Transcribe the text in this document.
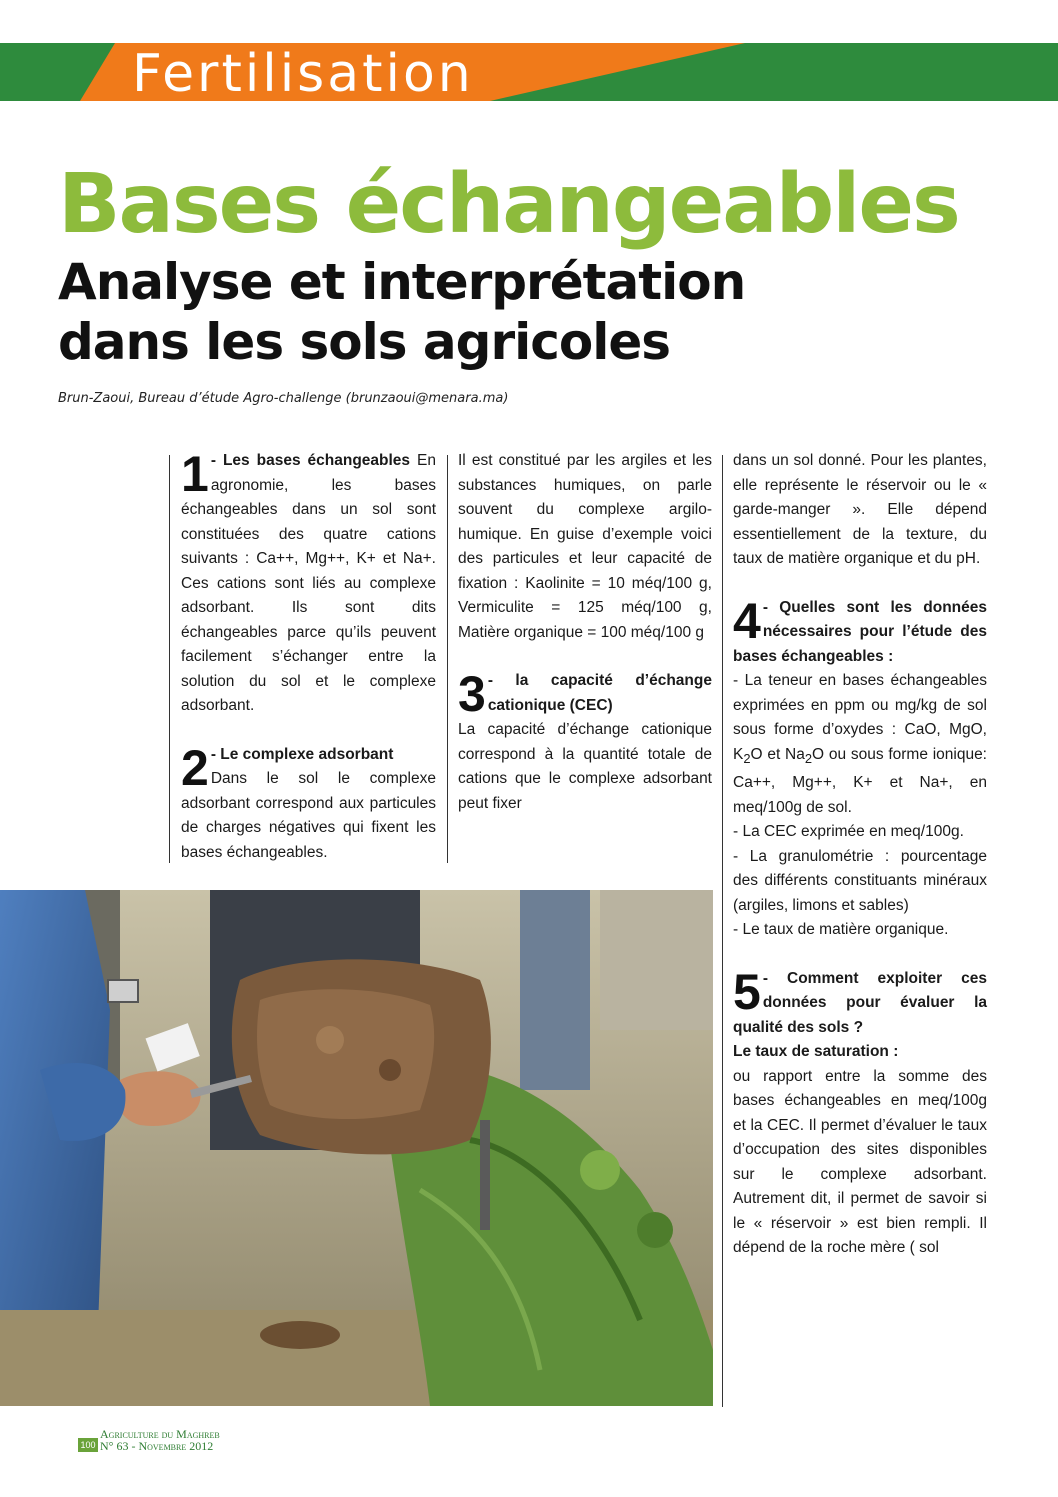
Fertilisation
Bases échangeables
Analyse et interprétation
dans les sols agricoles
Brun-Zaoui, Bureau d’étude Agro-challenge (brunzaoui@menara.ma)
1 - Les bases échangeables En agronomie, les bases échangeables dans un sol sont constituées des quatre cations suivants : Ca++, Mg++, K+ et Na+. Ces cations sont liés au complexe adsorbant. Ils sont dits échangeables parce qu’ils peuvent facilement s’échanger entre la solution du sol et le complexe adsorbant.
2 - Le complexe adsorbant
Dans le sol le complexe adsorbant correspond aux particules de charges négatives qui fixent les bases échangeables.

Il est constitué par les argiles et les substances humiques, on parle souvent du complexe argilo-humique. En guise d’exemple voici des particules et leur capacité de fixation : Kaolinite = 10 méq/100 g, Vermiculite = 125 méq/100 g, Matière organique = 100 méq/100 g

3 - la capacité d’échange cationique (CEC)
La capacité d’échange cationique correspond à la quantité totale de cations que le complexe adsorbant peut fixer

dans un sol donné. Pour les plantes, elle représente le réservoir ou le « garde-manger ». Elle dépend essentiellement de la texture, du taux de matière organique et du pH.

4 - Quelles sont les données nécessaires pour l’étude des bases échangeables :
- La teneur en bases échangeables exprimées en ppm ou mg/kg de sol sous forme d’oxydes : CaO, MgO, $K_2O$ et $Na_2O$ ou sous forme ionique: Ca++, Mg++, K+ et Na+, en meq/100g de sol.
- La CEC exprimée en meq/100g.
- La granulométrie : pourcentage des différents constituants minéraux (argiles, limons et sables)
- Le taux de matière organique.
5 - Comment exploiter ces données pour évaluer la qualité des sols ?
Le taux de saturation :
ou rapport entre la somme des bases échangeables en meq/100g et la CEC. Il permet d’évaluer le taux d’occupation des sites disponibles sur le complexe adsorbant. Autrement dit, il permet de savoir si le « réservoir » est bien rempli. Il dépend de la roche mère ( sol
100
Agriculture du Maghreb
N° 63 - Novembre 2012
